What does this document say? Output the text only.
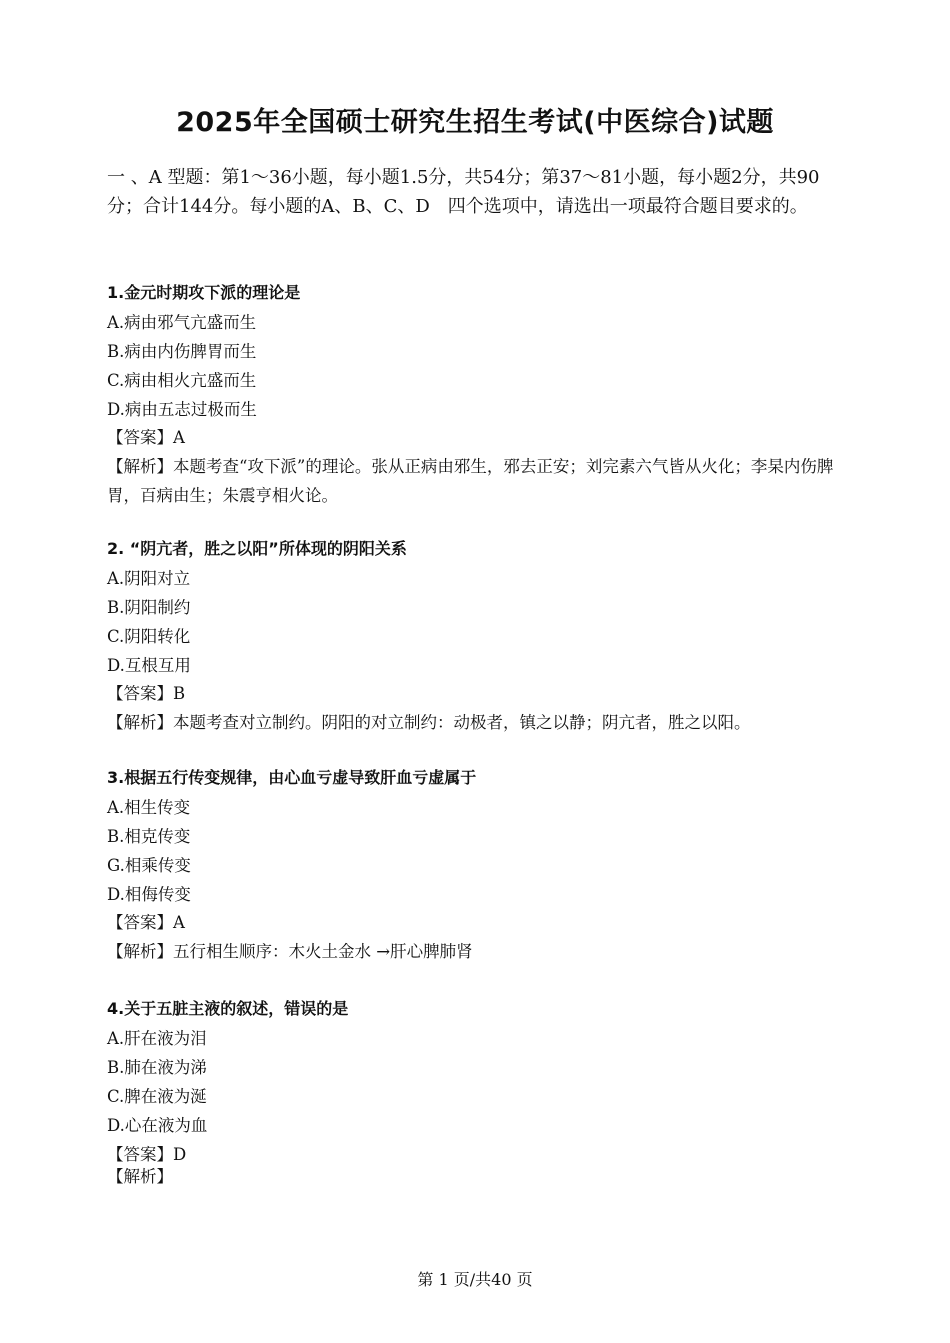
2025年全国硕士研究生招生考试(中医综合)试题
一 、A 型题：第1～36小题，每小题1.5分，共54分；第37～81小题，每小题2分，共90分；合计144分。每小题的A、B、C、D　四个选项中，请选出一项最符合题目要求的。
1.金元时期攻下派的理论是
A.病由邪气亢盛而生
B.病由内伤脾胃而生
C.病由相火亢盛而生
D.病由五志过极而生
【答案】A
【解析】本题考查“攻下派”的理论。张从正病由邪生，邪去正安；刘完素六气皆从火化；李杲内伤脾胃，百病由生；朱震亨相火论。
2. “阴亢者，胜之以阳”所体现的阴阳关系
A.阴阳对立
B.阴阳制约
C.阴阳转化
D.互根互用
【答案】B
【解析】本题考查对立制约。阴阳的对立制约：动极者，镇之以静；阴亢者，胜之以阳。
3.根据五行传变规律，由心血亏虚导致肝血亏虚属于
A.相生传变
B.相克传变
G.相乘传变
D.相侮传变
【答案】A
【解析】五行相生顺序：木火土金水 →肝心脾肺肾
4.关于五脏主液的叙述，错误的是
A.肝在液为泪
B.肺在液为涕
C.脾在液为涎
D.心在液为血
【答案】D
【解析】
第 1 页/共40 页
